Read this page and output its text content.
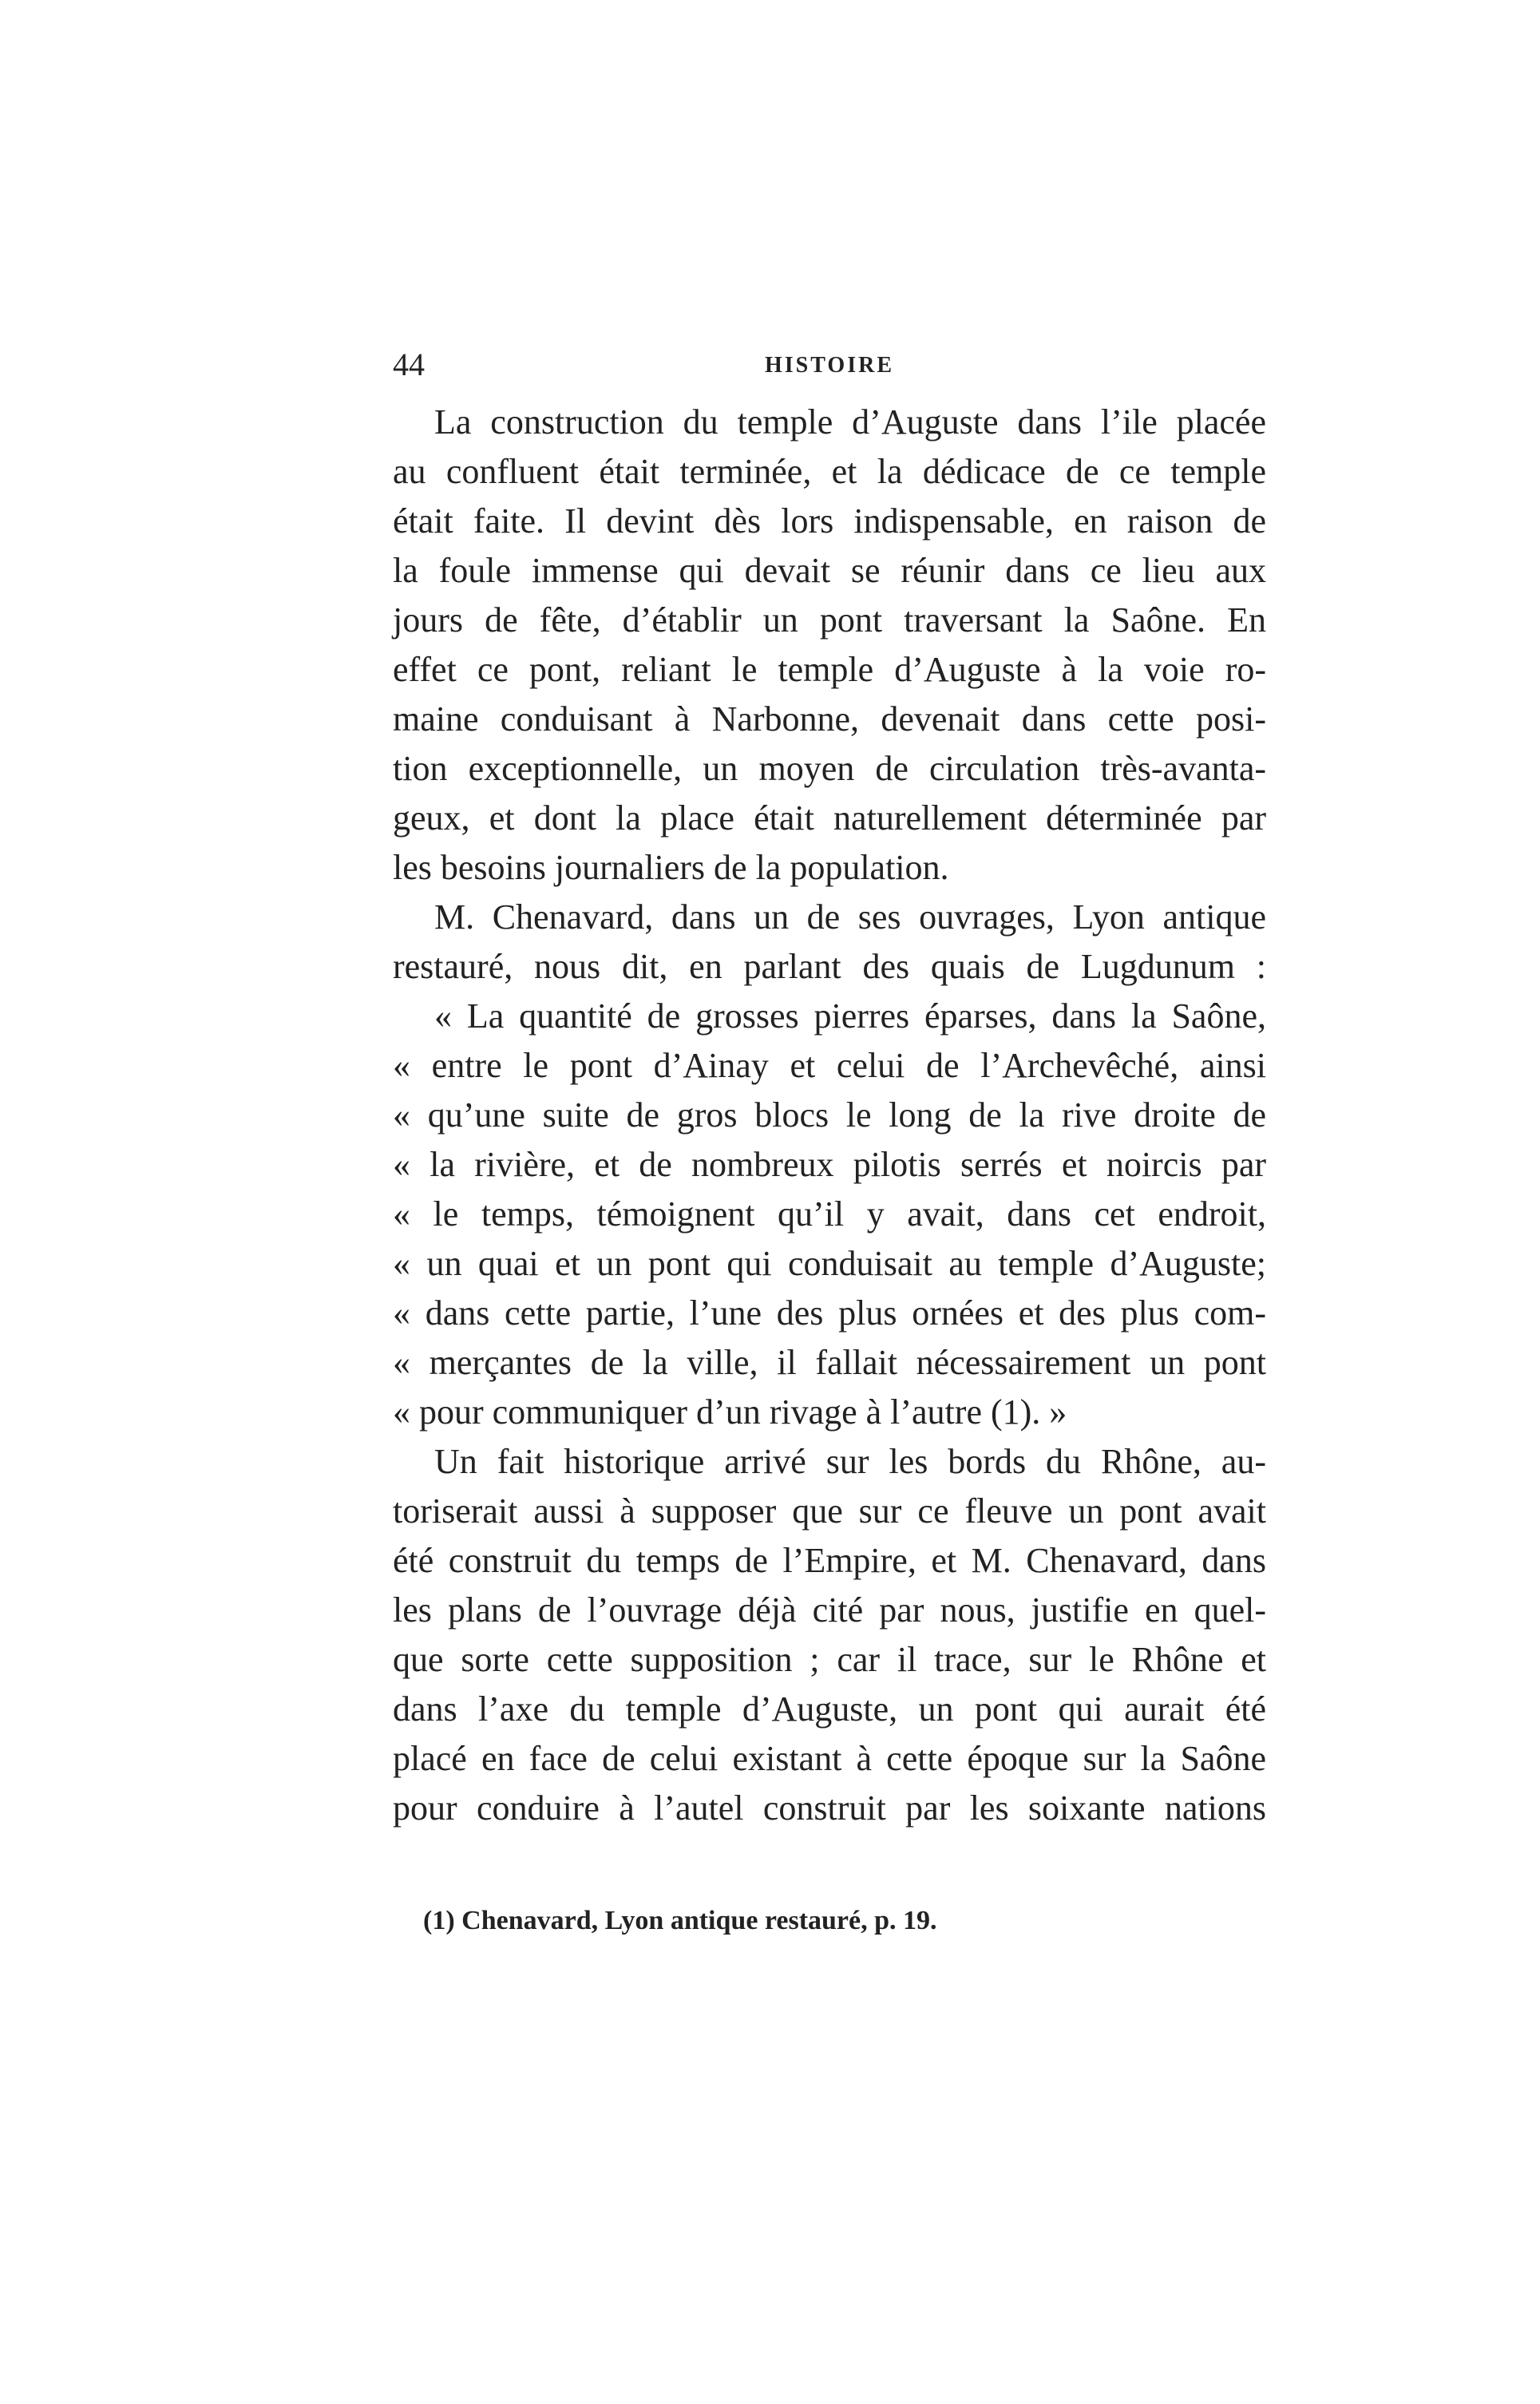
44	HISTOIRE
La construction du temple d’Auguste dans l’ile placée
au confluent était terminée, et la dédicace de ce temple
était faite. Il devint dès lors indispensable, en raison de
la foule immense qui devait se réunir dans ce lieu aux
jours de fête, d’établir un pont traversant la Saône. En
effet ce pont, reliant le temple d’Auguste à la voie ro-
maine conduisant à Narbonne, devenait dans cette posi-
tion exceptionnelle, un moyen de circulation très-avanta-
geux, et dont la place était naturellement déterminée par
les besoins journaliers de la population.
M. Chenavard, dans un de ses ouvrages, Lyon antique
restauré, nous dit, en parlant des quais de Lugdunum :
« La quantité de grosses pierres éparses, dans la Saône,
« entre le pont d’Ainay et celui de l’Archevêché, ainsi
« qu’une suite de gros blocs le long de la rive droite de
« la rivière, et de nombreux pilotis serrés et noircis par
« le temps, témoignent qu’il y avait, dans cet endroit,
« un quai et un pont qui conduisait au temple d’Auguste;
« dans cette partie, l’une des plus ornées et des plus com-
« merçantes de la ville, il fallait nécessairement un pont
« pour communiquer d’un rivage à l’autre (1). »
Un fait historique arrivé sur les bords du Rhône, au-
toriserait aussi à supposer que sur ce fleuve un pont avait
été construit du temps de l’Empire, et M. Chenavard, dans
les plans de l’ouvrage déjà cité par nous, justifie en quel-
que sorte cette supposition ; car il trace, sur le Rhône et
dans l’axe du temple d’Auguste, un pont qui aurait été
placé en face de celui existant à cette époque sur la Saône
pour conduire à l’autel construit par les soixante nations
(1) Chenavard, Lyon antique restauré, p. 19.
